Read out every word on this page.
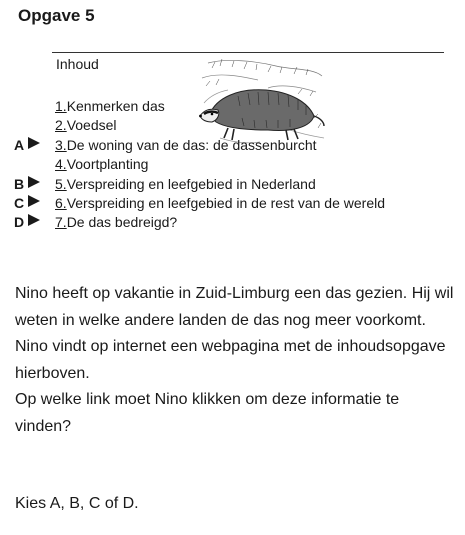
Opgave 5
Inhoud
1.Kenmerken das
2.Voedsel
A	3.De woning van de das: de dassenburcht
4.Voortplanting
B	5.Verspreiding en leefgebied in Nederland
C	6.Verspreiding en leefgebied in de rest van de wereld
D	7.De das bedreigd?

Nino heeft op vakantie in Zuid-Limburg een das gezien. Hij wil weten in welke andere landen de das nog meer voorkomt. Nino vindt op internet een webpagina met de inhoudsopgave hierboven.

Op welke link moet Nino klikken om deze informatie te vinden?

Kies A, B, C of D.
